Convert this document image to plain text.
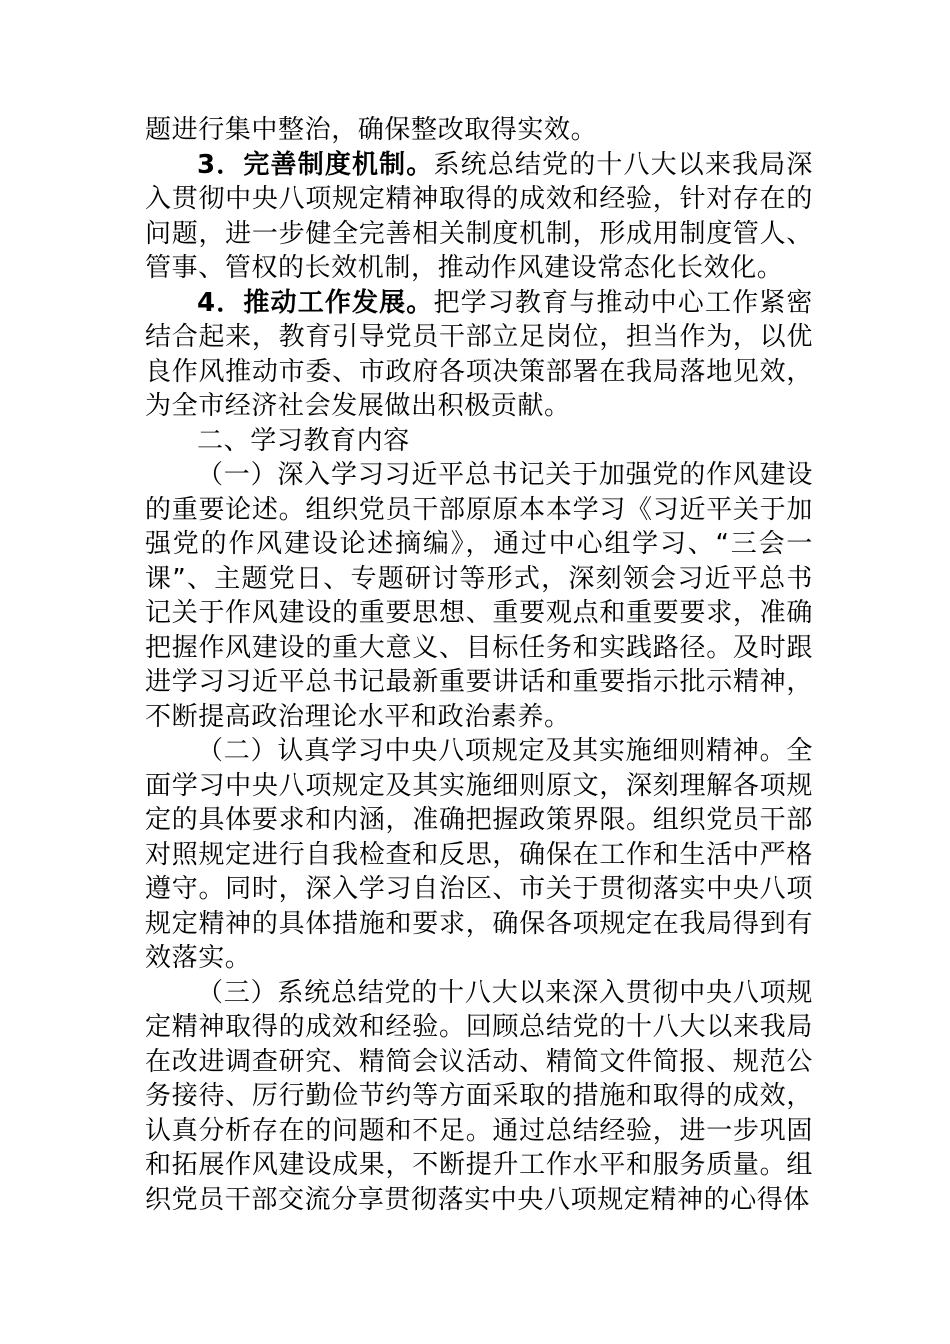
题进行集中整治，确保整改取得实效。

3．完善制度机制。系统总结党的十八大以来我局深入贯彻中央八项规定精神取得的成效和经验，针对存在的问题，进一步健全完善相关制度机制，形成用制度管人、管事、管权的长效机制，推动作风建设常态化长效化。

4．推动工作发展。把学习教育与推动中心工作紧密结合起来，教育引导党员干部立足岗位，担当作为，以优良作风推动市委、市政府各项决策部署在我局落地见效，为全市经济社会发展做出积极贡献。

二、学习教育内容

（一）深入学习习近平总书记关于加强党的作风建设的重要论述。组织党员干部原原本本学习《习近平关于加强党的作风建设论述摘编》，通过中心组学习、“三会一课”、主题党日、专题研讨等形式，深刻领会习近平总书记关于作风建设的重要思想、重要观点和重要要求，准确把握作风建设的重大意义、目标任务和实践路径。及时跟进学习习近平总书记最新重要讲话和重要指示批示精神，不断提高政治理论水平和政治素养。

（二）认真学习中央八项规定及其实施细则精神。全面学习中央八项规定及其实施细则原文，深刻理解各项规定的具体要求和内涵，准确把握政策界限。组织党员干部对照规定进行自我检查和反思，确保在工作和生活中严格遵守。同时，深入学习自治区、市关于贯彻落实中央八项规定精神的具体措施和要求，确保各项规定在我局得到有效落实。

（三）系统总结党的十八大以来深入贯彻中央八项规定精神取得的成效和经验。回顾总结党的十八大以来我局在改进调查研究、精简会议活动、精简文件简报、规范公务接待、厉行勤俭节约等方面采取的措施和取得的成效，认真分析存在的问题和不足。通过总结经验，进一步巩固和拓展作风建设成果，不断提升工作水平和服务质量。组织党员干部交流分享贯彻落实中央八项规定精神的心得体
